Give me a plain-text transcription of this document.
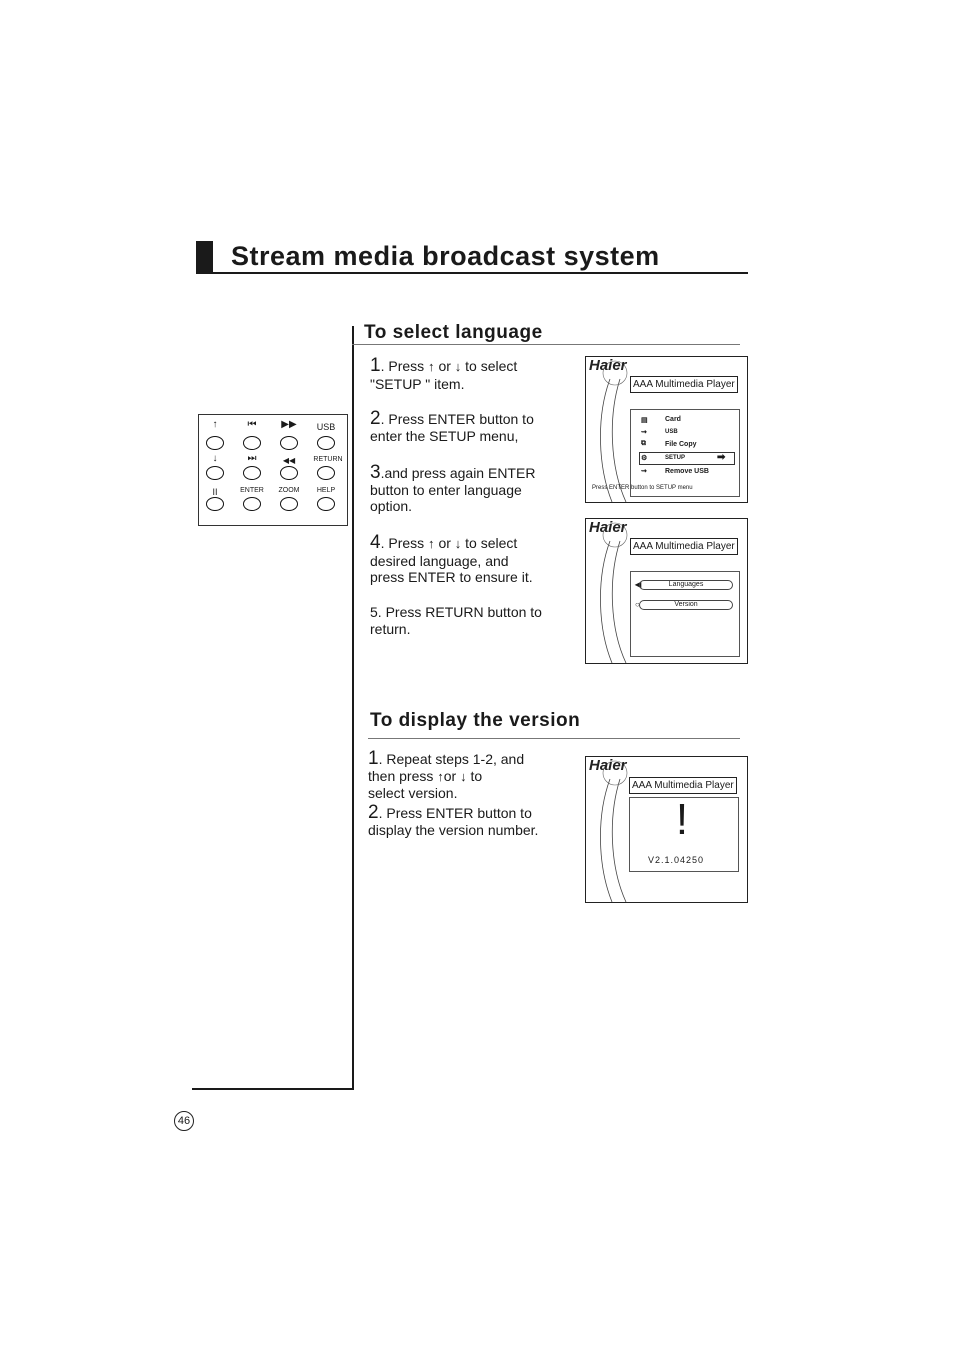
Stream media broadcast system
↑	⏮	▶▶	USB
↓	⏭	◀◀	RETURN
II	ENTER	ZOOM	HELP
To select language
1. Press ↑ or ↓ to select
"SETUP " item.
2. Press ENTER button to
enter the SETUP menu,
3.and press again ENTER
button to enter language
option.
4. Press ↑ or ↓ to select
desired language, and
press ENTER to ensure it.
5. Press RETURN button to
return.
Haier
AAA Multimedia Player
▤ Card
⇝	USB
⧉	File Copy
⚙	SETUP	➡
⇝	Remove USB
Press ENTER button to SETUP menu
Haier
AAA Multimedia Player
◀	Languages
○	Version
To display the version
1. Repeat steps 1-2, and
then press ↑or ↓ to
select version.
2. Press ENTER button to
display the version number.
Haier
AAA Multimedia Player
!
V2.1.04250
46
